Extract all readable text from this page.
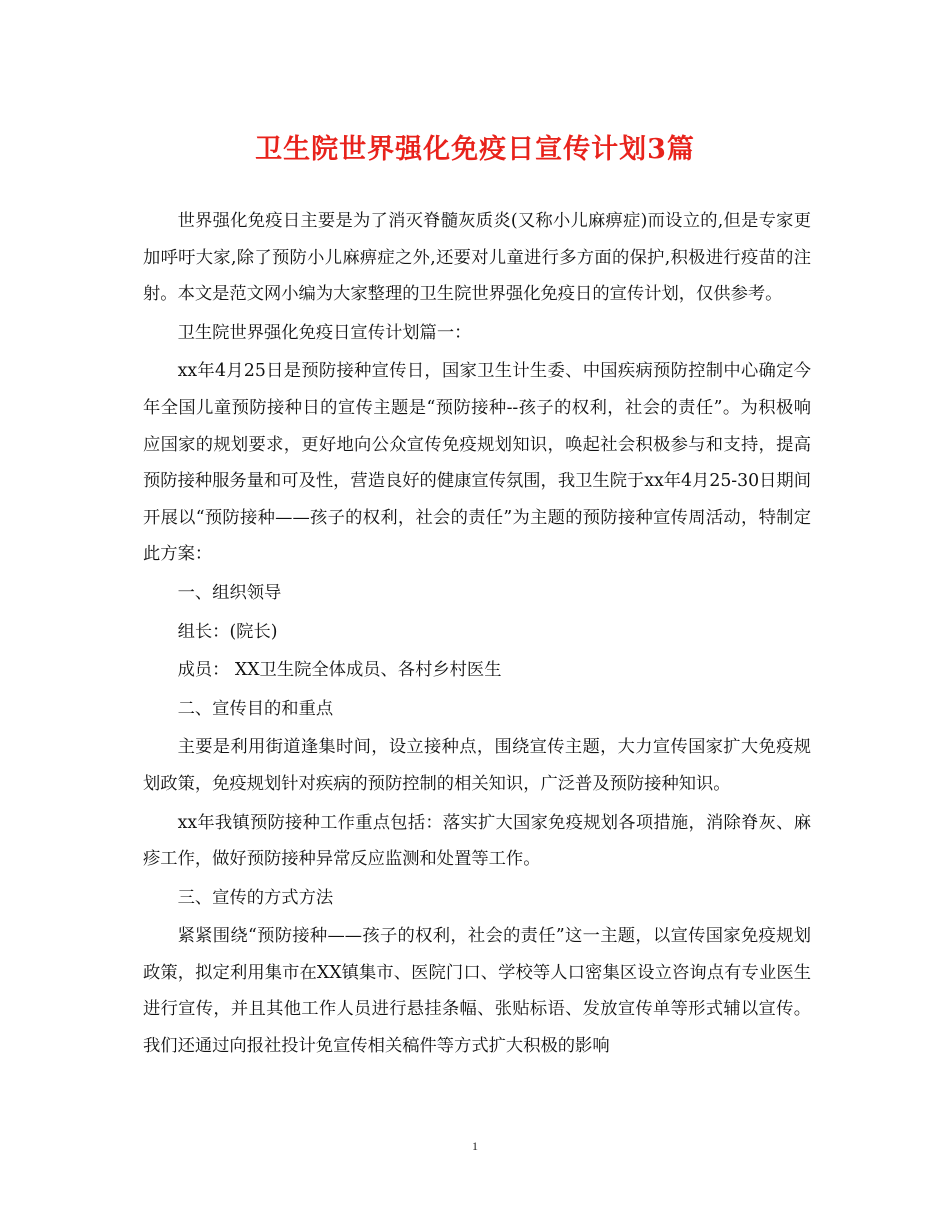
卫生院世界强化免疫日宣传计划3篇

世界强化免疫日主要是为了消灭脊髓灰质炎(又称小儿麻痹症)而设立的,但是专家更加呼吁大家,除了预防小儿麻痹症之外,还要对儿童进行多方面的保护,积极进行疫苗的注射。本文是范文网小编为大家整理的卫生院世界强化免疫日的宣传计划，仅供参考。

卫生院世界强化免疫日宣传计划篇一：

xx年4月25日是预防接种宣传日，国家卫生计生委、中国疾病预防控制中心确定今年全国儿童预防接种日的宣传主题是“预防接种--孩子的权利，社会的责任”。为积极响应国家的规划要求，更好地向公众宣传免疫规划知识，唤起社会积极参与和支持，提高预防接种服务量和可及性，营造良好的健康宣传氛围，我卫生院于xx年4月25-30日期间开展以“预防接种——孩子的权利，社会的责任”为主题的预防接种宣传周活动，特制定此方案：

一、组织领导

组长：(院长)

成员： XX卫生院全体成员、各村乡村医生

二、宣传目的和重点

主要是利用街道逢集时间，设立接种点，围绕宣传主题，大力宣传国家扩大免疫规划政策，免疫规划针对疾病的预防控制的相关知识，广泛普及预防接种知识。

xx年我镇预防接种工作重点包括：落实扩大国家免疫规划各项措施，消除脊灰、麻疹工作，做好预防接种异常反应监测和处置等工作。

三、宣传的方式方法

紧紧围绕“预防接种——孩子的权利，社会的责任”这一主题，以宣传国家免疫规划政策，拟定利用集市在XX镇集市、医院门口、学校等人口密集区设立咨询点有专业医生进行宣传，并且其他工作人员进行悬挂条幅、张贴标语、发放宣传单等形式辅以宣传。我们还通过向报社投计免宣传相关稿件等方式扩大积极的影响

1
